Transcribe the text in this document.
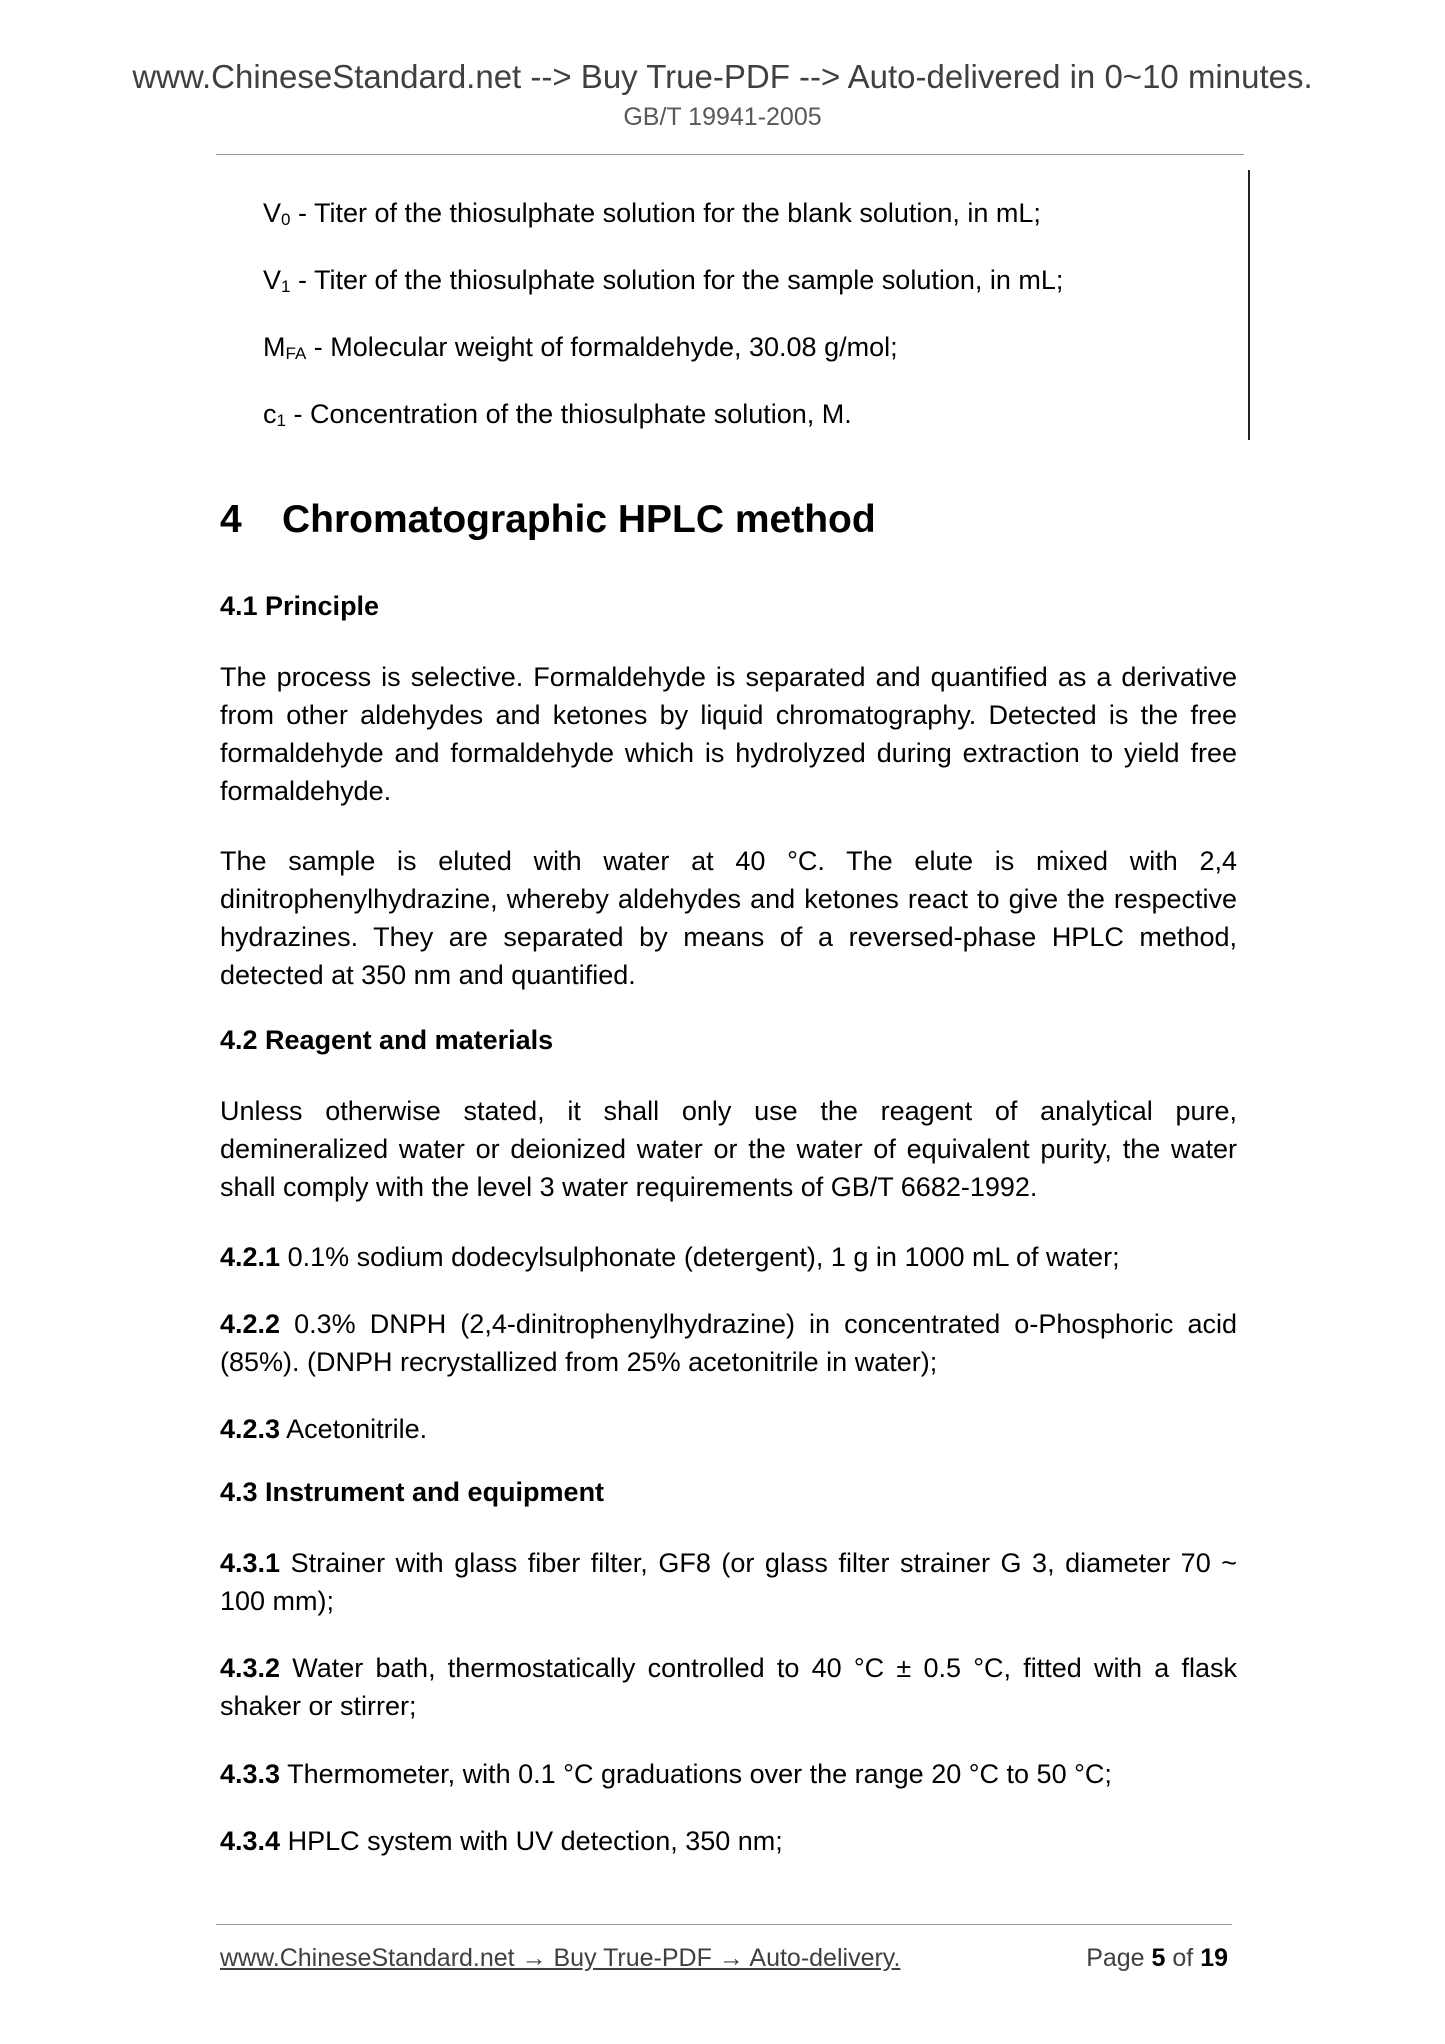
www.ChineseStandard.net --> Buy True-PDF --> Auto-delivered in 0~10 minutes.
GB/T 19941-2005
V0 - Titer of the thiosulphate solution for the blank solution, in mL;
V1 - Titer of the thiosulphate solution for the sample solution, in mL;
MFA - Molecular weight of formaldehyde, 30.08 g/mol;
c1 - Concentration of the thiosulphate solution, M.
4 Chromatographic HPLC method
4.1 Principle
The process is selective. Formaldehyde is separated and quantified as a derivative from other aldehydes and ketones by liquid chromatography. Detected is the free formaldehyde and formaldehyde which is hydrolyzed during extraction to yield free formaldehyde.
The sample is eluted with water at 40 °C. The elute is mixed with 2,4 dinitrophenylhydrazine, whereby aldehydes and ketones react to give the respective hydrazines. They are separated by means of a reversed-phase HPLC method, detected at 350 nm and quantified.
4.2 Reagent and materials
Unless otherwise stated, it shall only use the reagent of analytical pure, demineralized water or deionized water or the water of equivalent purity, the water shall comply with the level 3 water requirements of GB/T 6682-1992.
4.2.1 0.1% sodium dodecylsulphonate (detergent), 1 g in 1000 mL of water;
4.2.2 0.3% DNPH (2,4-dinitrophenylhydrazine) in concentrated o-Phosphoric acid (85%). (DNPH recrystallized from 25% acetonitrile in water);
4.2.3 Acetonitrile.
4.3 Instrument and equipment
4.3.1 Strainer with glass fiber filter, GF8 (or glass filter strainer G 3, diameter 70 ~ 100 mm);
4.3.2 Water bath, thermostatically controlled to 40 °C ± 0.5 °C, fitted with a flask shaker or stirrer;
4.3.3 Thermometer, with 0.1 °C graduations over the range 20 °C to 50 °C;
4.3.4 HPLC system with UV detection, 350 nm;
www.ChineseStandard.net → Buy True-PDF → Auto-delivery.	Page 5 of 19
